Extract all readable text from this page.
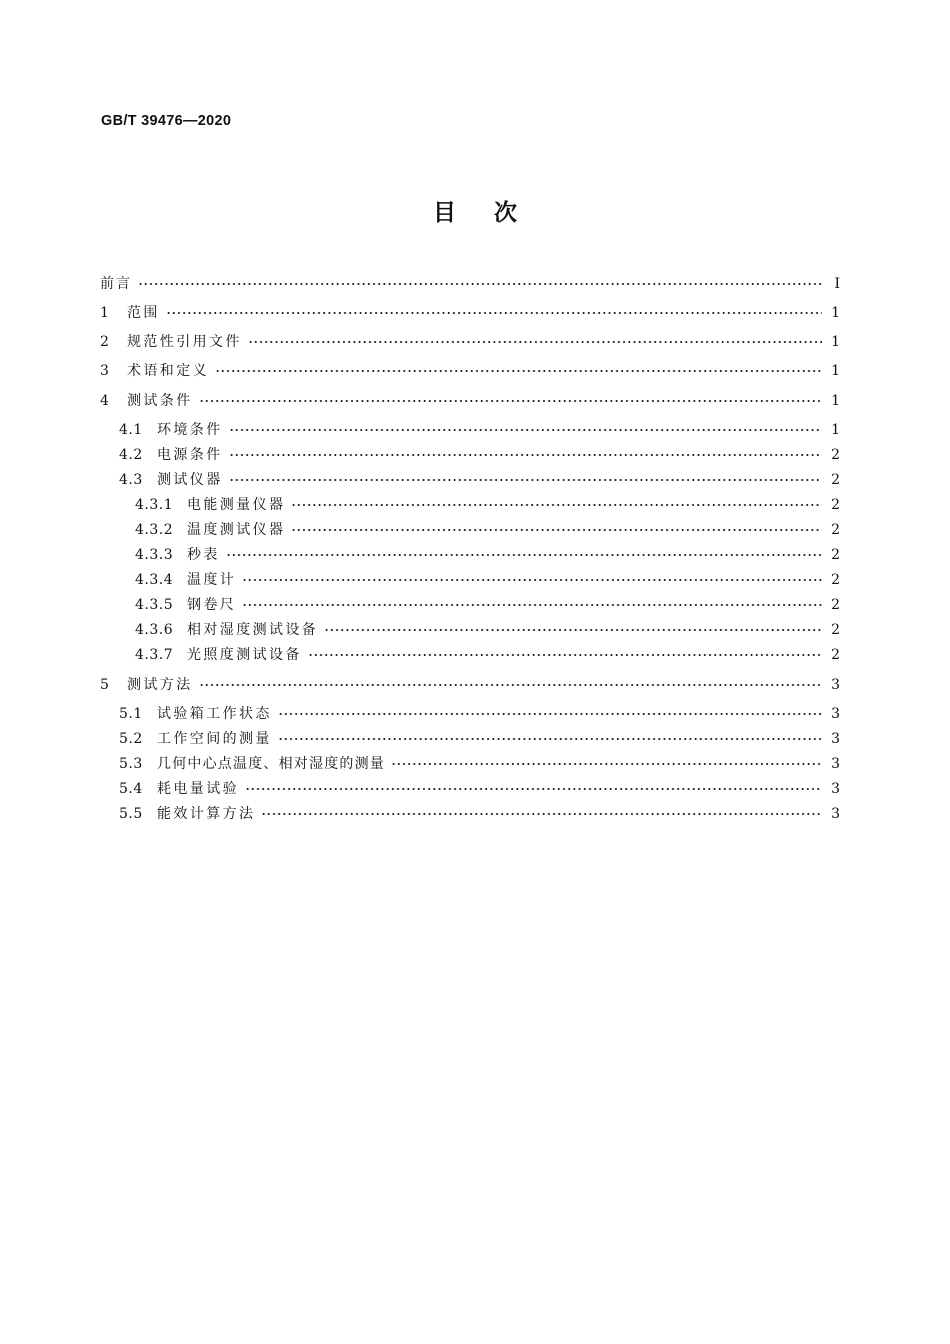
GB/T 39476—2020
目次
前言	Ⅰ
1	范围	1
2	规范性引用文件	1
3	术语和定义	1
4	测试条件	1
4.1	环境条件	1
4.2	电源条件	2
4.3	测试仪器	2
4.3.1 电能测量仪器	2
4.3.2 温度测试仪器	2
4.3.3 秒表	2
4.3.4 温度计	2
4.3.5 钢卷尺	2
4.3.6 相对湿度测试设备	2
4.3.7 光照度测试设备	2
5	测试方法	3
5.1	试验箱工作状态	3
5.2	工作空间的测量	3
5.3	几何中心点温度、相对湿度的测量	3
5.4	耗电量试验	3
5.5	能效计算方法	3
